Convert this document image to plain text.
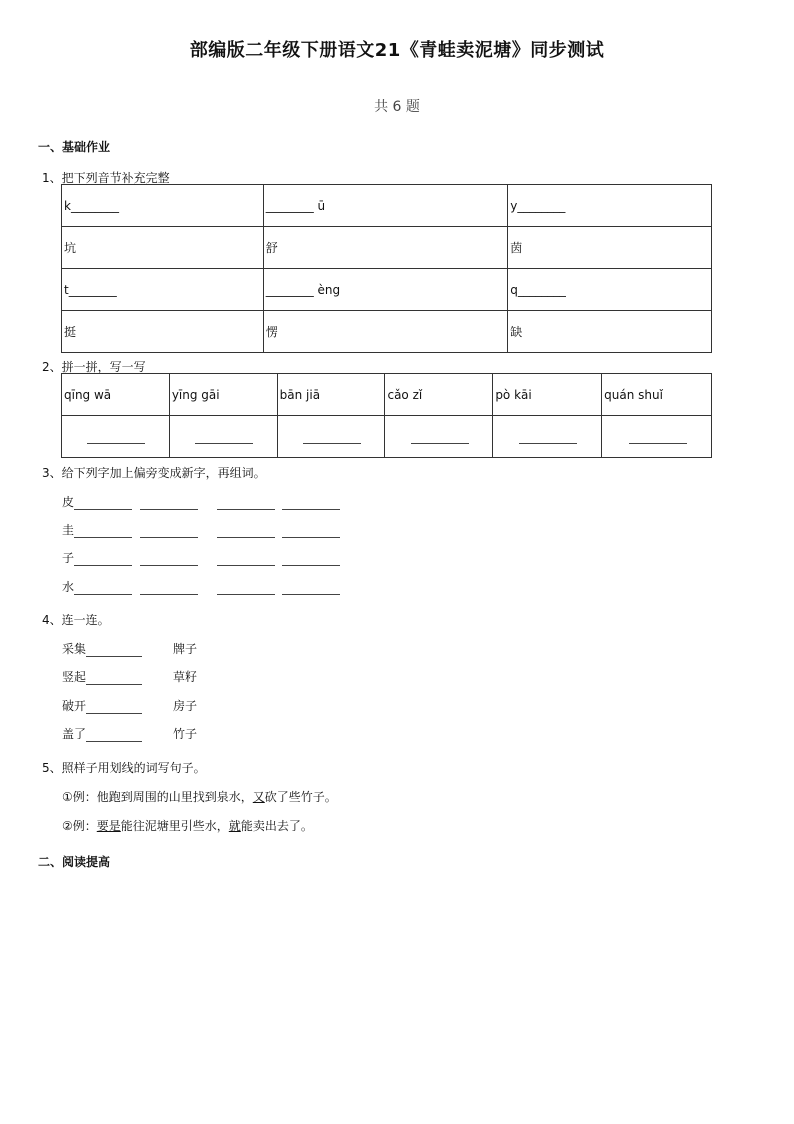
部编版二年级下册语文21《青蛙卖泥塘》同步测试
共 6 题
一、基础作业
1、把下列音节补充完整
k________	________ ū	y________
坑	舒	茵
t________	________ èng	q________
挺	愣	缺
2、拼一拼，写一写
qīng wā	yīng gāi	bān jiā	cǎo zǐ	pò kāi	quán shuǐ

3、给下列字加上偏旁变成新字，再组词。
皮
圭
子
水
4、连一连。
采集	牌子
竖起	草籽
破开	房子
盖了	竹子
5、照样子用划线的词写句子。
①例：他跑到周围的山里找到泉水，又砍了些竹子。
②例：要是能往泥塘里引些水，就能卖出去了。
二、阅读提高
